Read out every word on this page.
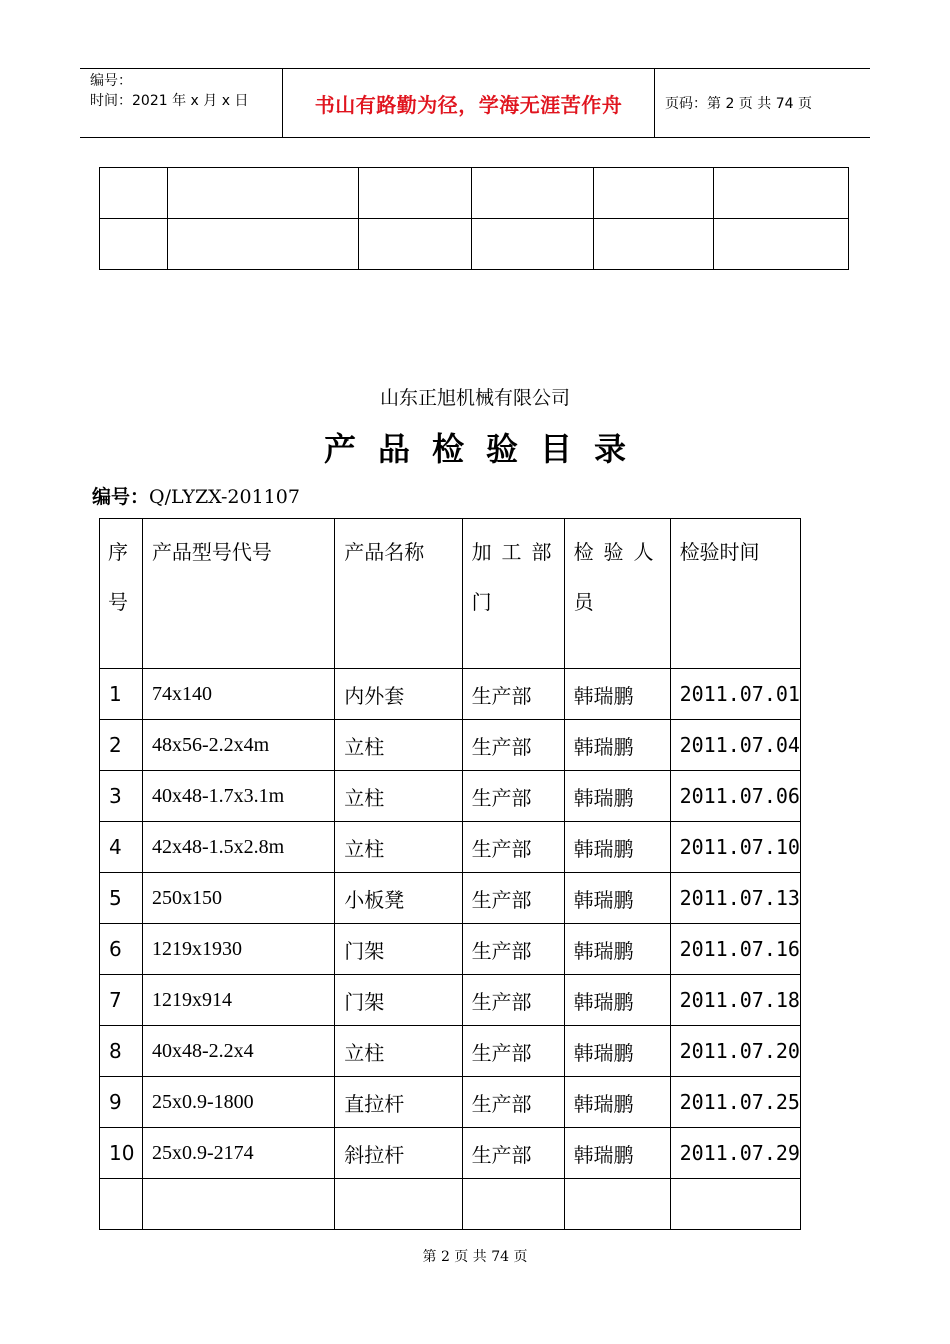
编号：
时间：2021 年 x 月 x 日	书山有路勤为径，学海无涯苦作舟	页码：第 2 页 共 74 页

山东正旭机械有限公司
产品检验目录
编号：Q/LYZX-201107
序号	产品型号代号	产品名称	加工部门	检验人员	检验时间
1	74x140	内外套	生产部	韩瑞鹏	2011.07.01
2	48x56-2.2x4m	立柱	生产部	韩瑞鹏	2011.07.04
3	40x48-1.7x3.1m	立柱	生产部	韩瑞鹏	2011.07.06
4	42x48-1.5x2.8m	立柱	生产部	韩瑞鹏	2011.07.10
5	250x150	小板凳	生产部	韩瑞鹏	2011.07.13
6	1219x1930	门架	生产部	韩瑞鹏	2011.07.16
7	1219x914	门架	生产部	韩瑞鹏	2011.07.18
8	40x48-2.2x4	立柱	生产部	韩瑞鹏	2011.07.20
9	25x0.9-1800	直拉杆	生产部	韩瑞鹏	2011.07.25
10	25x0.9-2174	斜拉杆	生产部	韩瑞鹏	2011.07.29

第 2 页 共 74 页
